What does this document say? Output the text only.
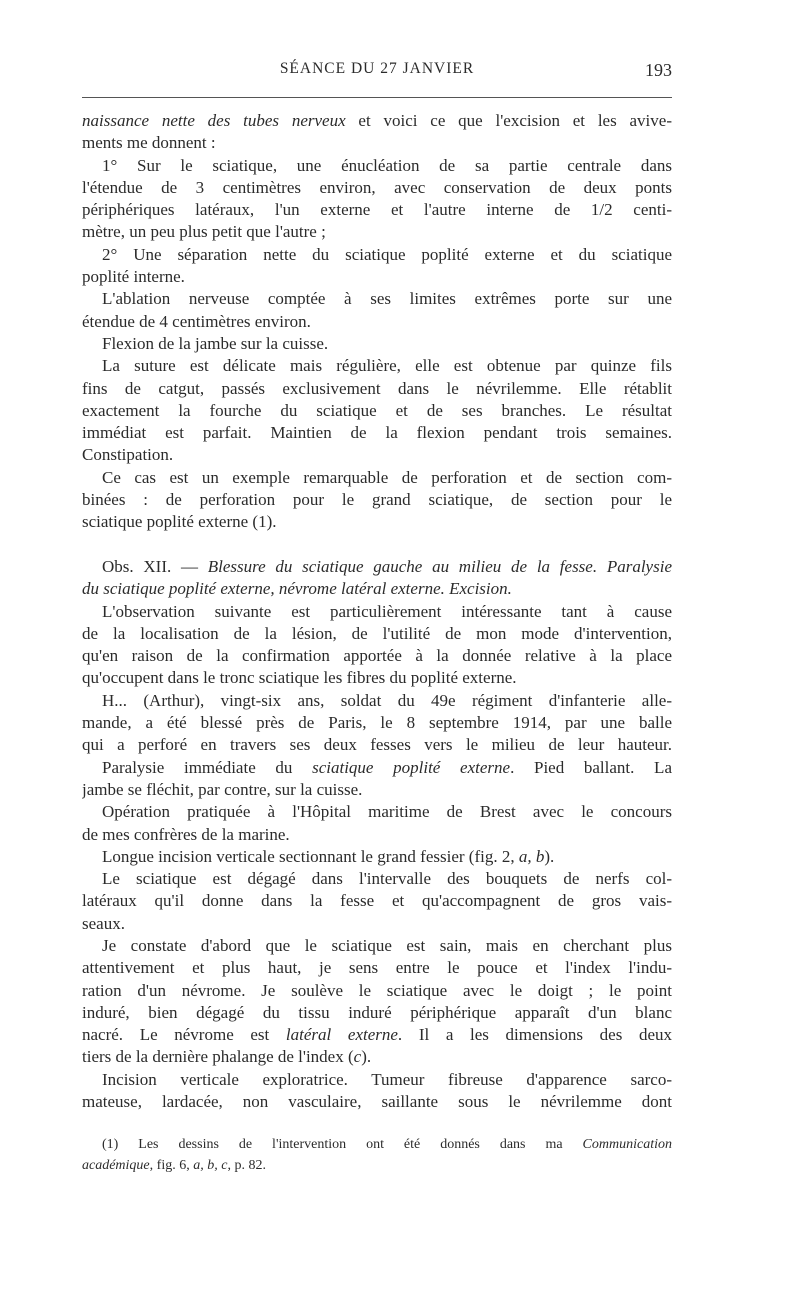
SÉANCE DU 27 JANVIER	193
naissance nette des tubes nerveux et voici ce que l'excision et les avive-
ments me donnent :
1° Sur le sciatique, une énucléation de sa partie centrale dans
l'étendue de 3 centimètres environ, avec conservation de deux ponts
périphériques latéraux, l'un externe et l'autre interne de 1/2 centi-
mètre, un peu plus petit que l'autre ;
2° Une séparation nette du sciatique poplité externe et du sciatique
poplité interne.
L'ablation nerveuse comptée à ses limites extrêmes porte sur une
étendue de 4 centimètres environ.
Flexion de la jambe sur la cuisse.
La suture est délicate mais régulière, elle est obtenue par quinze fils
fins de catgut, passés exclusivement dans le névrilemme. Elle rétablit
exactement la fourche du sciatique et de ses branches. Le résultat
immédiat est parfait. Maintien de la flexion pendant trois semaines.
Constipation.
Ce cas est un exemple remarquable de perforation et de section com-
binées : de perforation pour le grand sciatique, de section pour le
sciatique poplité externe (1).

Obs. XII. — Blessure du sciatique gauche au milieu de la fesse. Paralysie
du sciatique poplité externe, névrome latéral externe. Excision.
L'observation suivante est particulièrement intéressante tant à cause
de la localisation de la lésion, de l'utilité de mon mode d'intervention,
qu'en raison de la confirmation apportée à la donnée relative à la place
qu'occupent dans le tronc sciatique les fibres du poplité externe.
H... (Arthur), vingt-six ans, soldat du 49e régiment d'infanterie alle-
mande, a été blessé près de Paris, le 8 septembre 1914, par une balle
qui a perforé en travers ses deux fesses vers le milieu de leur hauteur.
Paralysie immédiate du sciatique poplité externe. Pied ballant. La
jambe se fléchit, par contre, sur la cuisse.
Opération pratiquée à l'Hôpital maritime de Brest avec le concours
de mes confrères de la marine.
Longue incision verticale sectionnant le grand fessier (fig. 2, a, b).
Le sciatique est dégagé dans l'intervalle des bouquets de nerfs col-
latéraux qu'il donne dans la fesse et qu'accompagnent de gros vais-
seaux.
Je constate d'abord que le sciatique est sain, mais en cherchant plus
attentivement et plus haut, je sens entre le pouce et l'index l'indu-
ration d'un névrome. Je soulève le sciatique avec le doigt ; le point
induré, bien dégagé du tissu induré périphérique apparaît d'un blanc
nacré. Le névrome est latéral externe. Il a les dimensions des deux
tiers de la dernière phalange de l'index (c).
Incision verticale exploratrice. Tumeur fibreuse d'apparence sarco-
mateuse, lardacée, non vasculaire, saillante sous le névrilemme dont
(1) Les dessins de l'intervention ont été donnés dans ma Communication
académique, fig. 6, a, b, c, p. 82.
